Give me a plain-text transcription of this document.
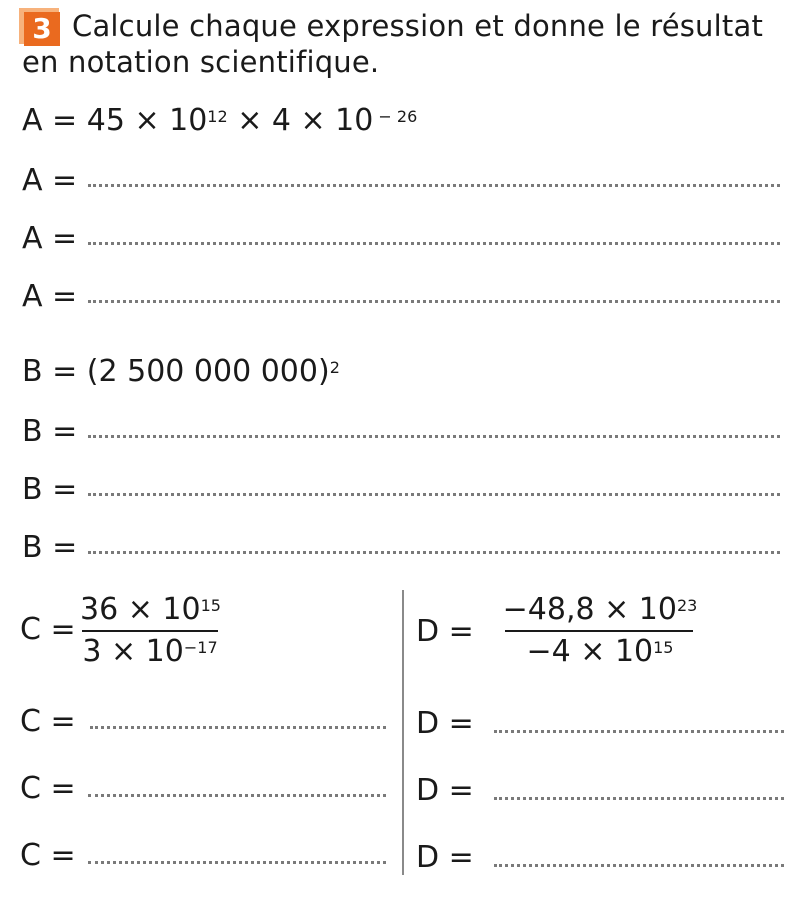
3 Calcule chaque expression et donne le résultat en notation scientifique.
$A = 45 \times 10^{12} \times 4 \times 10$ $^{- 26}$
A =
A =
A =
B = (2 500 000 000)$^2$
B =
B =
B =
C =
$36 \times 10^{15}$
$3 \times 10^{-17}$	D =
$-48,8 \times 10^{23}$
$-4 \times 10^{15}$
C =
C =
C =
D =
D =
D =
